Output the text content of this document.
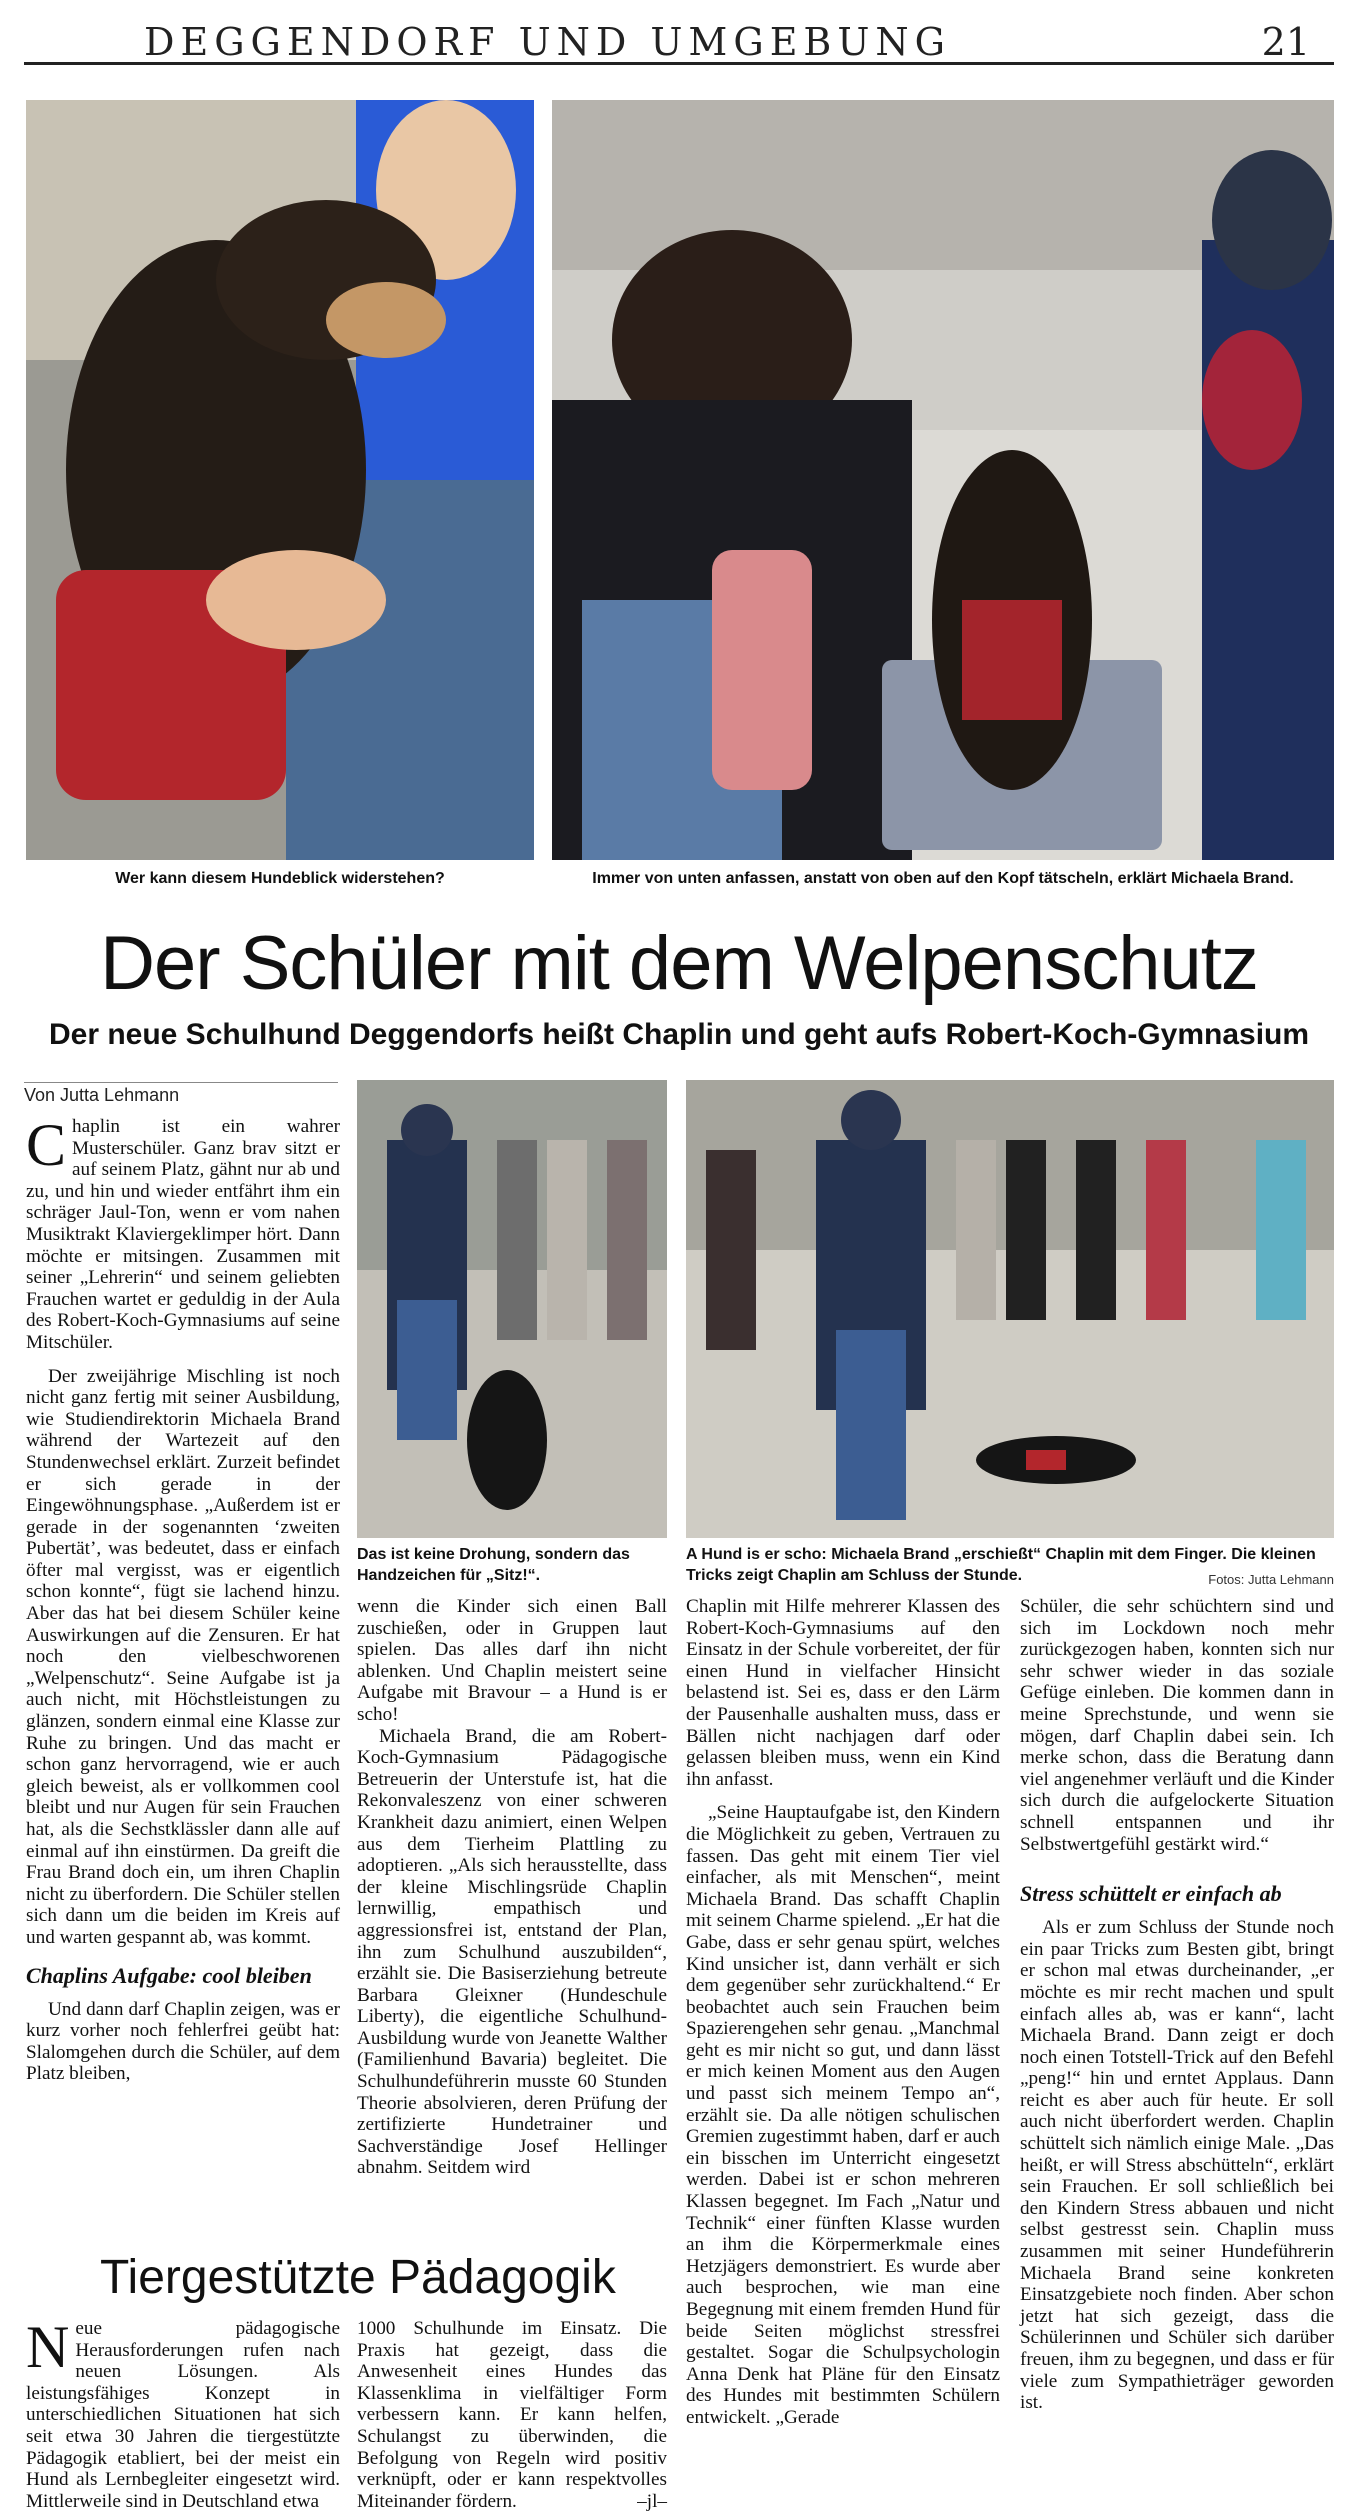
DEGGENDORF UND UMGEBUNG	21
Wer kann diesem Hundeblick widerstehen?	Immer von unten anfassen, anstatt von oben auf den Kopf tätscheln, erklärt Michaela Brand.
Der Schüler mit dem Welpenschutz
Der neue Schulhund Deggendorfs heißt Chaplin und geht aufs Robert-Koch-Gymnasium
Von Jutta Lehmann

Chaplin ist ein wahrer Musterschüler. Ganz brav sitzt er auf seinem Platz, gähnt nur ab und zu, und hin und wieder entfährt ihm ein schräger Jaul-Ton, wenn er vom nahen Musiktrakt Klaviergeklimper hört. Dann möchte er mitsingen. Zusammen mit seiner „Lehrerin“ und seinem geliebten Frauchen wartet er geduldig in der Aula des Robert-Koch-Gymnasiums auf seine Mitschüler.

Der zweijährige Mischling ist noch nicht ganz fertig mit seiner Ausbildung, wie Studiendirektorin Michaela Brand während der Wartezeit auf den Stundenwechsel erklärt. Zurzeit befindet er sich gerade in der Eingewöhnungsphase. „Außerdem ist er gerade in der sogenannten ‘zweiten Pubertät’, was bedeutet, dass er einfach öfter mal vergisst, was er eigentlich schon konnte“, fügt sie lachend hinzu. Aber das hat bei diesem Schüler keine Auswirkungen auf die Zensuren. Er hat noch den vielbeschworenen „Welpenschutz“. Seine Aufgabe ist ja auch nicht, mit Höchstleistungen zu glänzen, sondern einmal eine Klasse zur Ruhe zu bringen. Und das macht er schon ganz hervorragend, wie er auch gleich beweist, als er vollkommen cool bleibt und nur Augen für sein Frauchen hat, als die Sechstklässler dann alle auf einmal auf ihn einstürmen. Da greift die Frau Brand doch ein, um ihren Chaplin nicht zu überfordern. Die Schüler stellen sich dann um die beiden im Kreis auf und warten gespannt ab, was kommt.

Chaplins Aufgabe: cool bleiben

Und dann darf Chaplin zeigen, was er kurz vorher noch fehlerfrei geübt hat: Slalomgehen durch die Schüler, auf dem Platz bleiben,

Das ist keine Drohung, sondern das Handzeichen für „Sitz!“.
A Hund is er scho: Michaela Brand „erschießt“ Chaplin mit dem Finger. Die kleinen Tricks zeigt Chaplin am Schluss der Stunde.	Fotos: Jutta Lehmann

wenn die Kinder sich einen Ball zuschießen, oder in Gruppen laut spielen. Das alles darf ihn nicht ablenken. Und Chaplin meistert seine Aufgabe mit Bravour – a Hund is er scho!

Michaela Brand, die am Robert-Koch-Gymnasium Pädagogische Betreuerin der Unterstufe ist, hat die Rekonvaleszenz von einer schweren Krankheit dazu animiert, einen Welpen aus dem Tierheim Plattling zu adoptieren. „Als sich herausstellte, dass der kleine Mischlingsrüde Chaplin lernwillig, empathisch und aggressionsfrei ist, entstand der Plan, ihn zum Schulhund auszubilden“, erzählt sie. Die Basiserziehung betreute Barbara Gleixner (Hundeschule Liberty), die eigentliche Schulhund-Ausbildung wurde von Jeanette Walther (Familienhund Bavaria) begleitet. Die Schulhundeführerin musste 60 Stunden Theorie absolvieren, deren Prüfung der zertifizierte Hundetrainer und Sachverständige Josef Hellinger abnahm. Seitdem wird

Chaplin mit Hilfe mehrerer Klassen des Robert-Koch-Gymnasiums auf den Einsatz in der Schule vorbereitet, der für einen Hund in vielfacher Hinsicht belastend ist. Sei es, dass er den Lärm der Pausenhalle aushalten muss, dass er Bällen nicht nachjagen darf oder gelassen bleiben muss, wenn ein Kind ihn anfasst.

„Seine Hauptaufgabe ist, den Kindern die Möglichkeit zu geben, Vertrauen zu fassen. Das geht mit einem Tier viel einfacher, als mit Menschen“, meint Michaela Brand. Das schafft Chaplin mit seinem Charme spielend. „Er hat die Gabe, dass er sehr genau spürt, welches Kind unsicher ist, dann verhält er sich dem gegenüber sehr zurückhaltend.“ Er beobachtet auch sein Frauchen beim Spazierengehen sehr genau. „Manchmal geht es mir nicht so gut, und dann lässt er mich keinen Moment aus den Augen und passt sich meinem Tempo an“, erzählt sie. Da alle nötigen schulischen Gremien zugestimmt haben, darf er auch ein bisschen im Unterricht eingesetzt werden. Dabei ist er schon mehreren Klassen begegnet. Im Fach „Natur und Technik“ einer fünften Klasse wurden an ihm die Körpermerkmale eines Hetzjägers demonstriert. Es wurde aber auch besprochen, wie man eine Begegnung mit einem fremden Hund für beide Seiten möglichst stressfrei gestaltet. Sogar die Schulpsychologin Anna Denk hat Pläne für den Einsatz des Hundes mit bestimmten Schülern entwickelt. „Gerade

Schüler, die sehr schüchtern sind und sich im Lockdown noch mehr zurückgezogen haben, konnten sich nur sehr schwer wieder in das soziale Gefüge einleben. Die kommen dann in meine Sprechstunde, und wenn sie mögen, darf Chaplin dabei sein. Ich merke schon, dass die Beratung dann viel angenehmer verläuft und die Kinder sich durch die aufgelockerte Situation schnell entspannen und ihr Selbstwertgefühl gestärkt wird.“

Stress schüttelt er einfach ab

Als er zum Schluss der Stunde noch ein paar Tricks zum Besten gibt, bringt er schon mal etwas durcheinander, „er möchte es mir recht machen und spult einfach alles ab, was er kann“, lacht Michaela Brand. Dann zeigt er doch noch einen Totstell-Trick auf den Befehl „peng!“ hin und erntet Applaus. Dann reicht es aber auch für heute. Er soll auch nicht überfordert werden. Chaplin schüttelt sich nämlich einige Male. „Das heißt, er will Stress abschütteln“, erklärt sein Frauchen. Er soll schließlich bei den Kindern Stress abbauen und nicht selbst gestresst sein. Chaplin muss zusammen mit seiner Hundeführerin Michaela Brand seine konkreten Einsatzgebiete noch finden. Aber schon jetzt hat sich gezeigt, dass die Schülerinnen und Schüler sich darüber freuen, ihm zu begegnen, und dass er für viele zum Sympathieträger geworden ist.

Tiergestützte Pädagogik

Neue pädagogische Herausforderungen rufen nach neuen Lösungen. Als leistungsfähiges Konzept in unterschiedlichen Situationen hat sich seit etwa 30 Jahren die tiergestützte Pädagogik etabliert, bei der meist ein Hund als Lernbegleiter eingesetzt wird. Mittlerweile sind in Deutschland etwa

1000 Schulhunde im Einsatz. Die Praxis hat gezeigt, dass die Anwesenheit eines Hundes das Klassenklima in vielfältiger Form verbessern kann. Er kann helfen, Schulangst zu überwinden, die Befolgung von Regeln wird positiv verknüpft, oder er kann respektvolles Miteinander fördern.	–jl–
